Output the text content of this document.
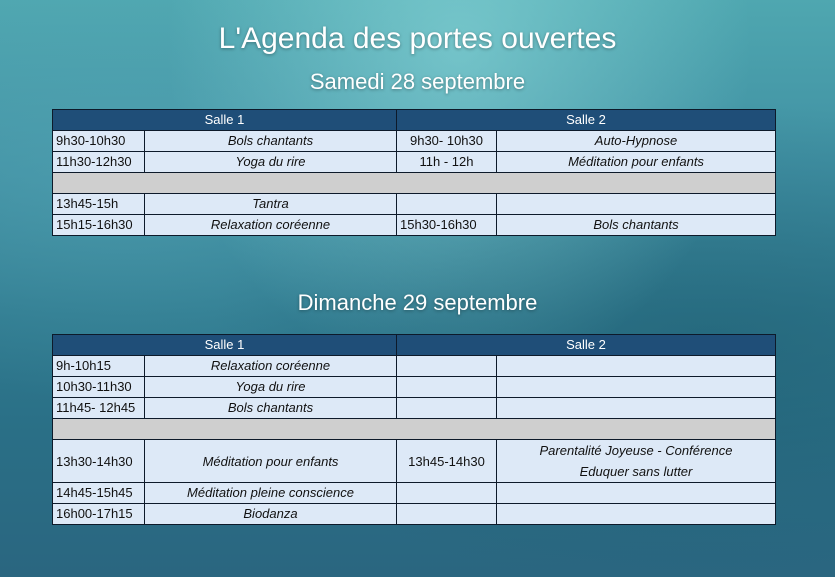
L'Agenda des portes ouvertes
Samedi 28 septembre
Salle 1		Salle 2	
9h30-10h30	Bols chantants	9h30- 10h30	Auto-Hypnose
11h30-12h30	Yoga du rire	11h - 12h	Méditation pour enfants

13h45-15h	Tantra		
15h15-16h30	Relaxation coréenne	15h30-16h30	Bols chantants
Dimanche 29 septembre
Salle 1		Salle 2	
9h-10h15	Relaxation coréenne		
10h30-11h30	Yoga du rire		
11h45- 12h45	Bols chantants		

13h30-14h30	Méditation pour enfants	13h45-14h30	Parentalité Joyeuse - Conférence
Eduquer sans lutter

14h45-15h45	Méditation pleine conscience		
16h00-17h15	Biodanza		
